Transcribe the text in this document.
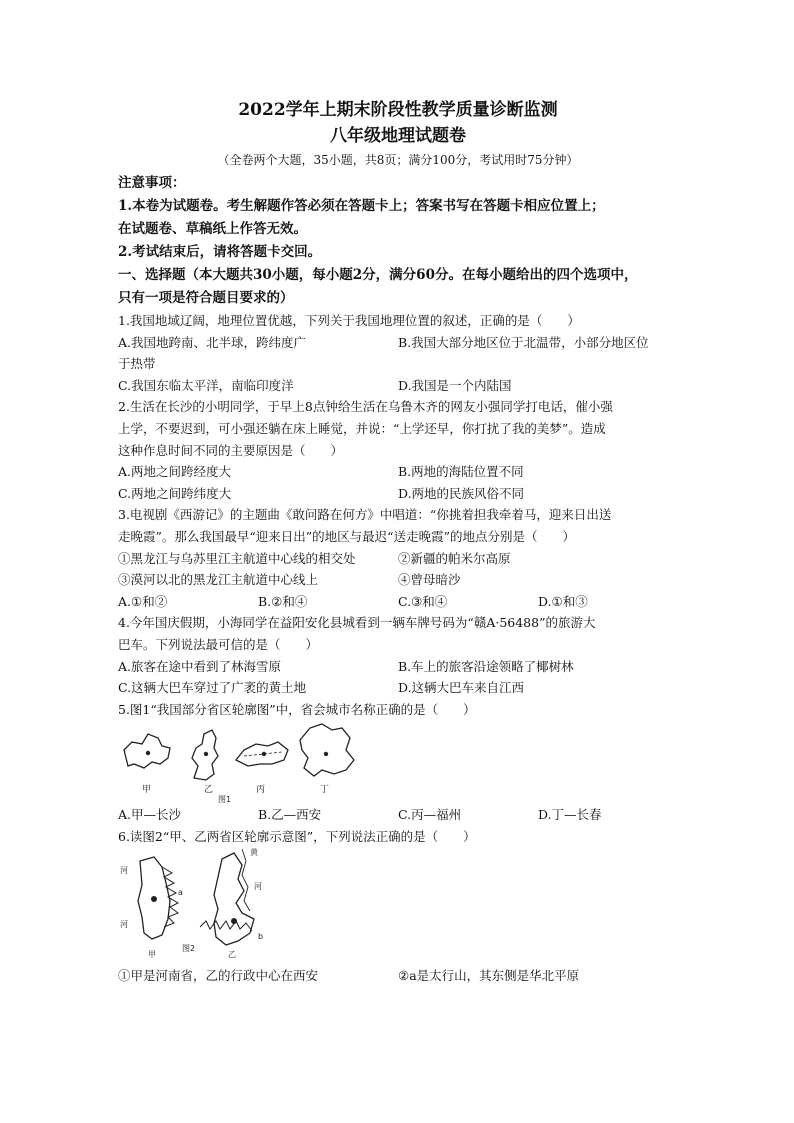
2022学年上期末阶段性教学质量诊断监测

八年级地理试题卷

（全卷两个大题，35小题，共8页；满分100分，考试用时75分钟）

注意事项：

1.本卷为试题卷。考生解题作答必须在答题卡上；答案书写在答题卡相应位置上；

在试题卷、草稿纸上作答无效。

2.考试结束后，请将答题卡交回。

一、选择题（本大题共30小题，每小题2分，满分60分。在每小题给出的四个选项中，

只有一项是符合题目要求的）

1.我国地域辽阔，地理位置优越，下列关于我国地理位置的叙述，正确的是（　　）

A.我国地跨南、北半球，跨纬度广	B.我国大部分地区位于北温带，小部分地区位

于热带

C.我国东临太平洋，南临印度洋	D.我国是一个内陆国

2.生活在长沙的小明同学，于早上8点钟给生活在乌鲁木齐的网友小强同学打电话，催小强

上学，不要迟到，可小强还躺在床上睡觉，并说：“上学还早，你打扰了我的美梦”。造成

这种作息时间不同的主要原因是（　　）

A.两地之间跨经度大	B.两地的海陆位置不同
C.两地之间跨纬度大	D.两地的民族风俗不同

3.电视剧《西游记》的主题曲《敢问路在何方》中唱道：“你挑着担我牵着马，迎来日出送

走晚霞”。那么我国最早“迎来日出”的地区与最迟“送走晚霞”的地点分别是（　　）

①黑龙江与乌苏里江主航道中心线的相交处	②新疆的帕米尔高原
③漠河以北的黑龙江主航道中心线上	④曾母暗沙
A.①和②	B.②和④	C.③和④	D.①和③

4.今年国庆假期，小海同学在益阳安化县城看到一辆车牌号码为“赣A·56488”的旅游大

巴车。下列说法最可信的是（　　）

A.旅客在途中看到了林海雪原	B.车上的旅客沿途领略了椰树林
C.这辆大巴车穿过了广袤的黄土地	D.这辆大巴车来自江西

5.图1“我国部分省区轮廓图”中，省会城市名称正确的是（　　）

甲	乙	丙	丁
图1
A.甲—长沙	B.乙—西安	C.丙—福州	D.丁—长春

6.读图2“甲、乙两省区轮廓示意图”，下列说法正确的是（　　）

a
河
河
甲
黄
河
b
乙
图2
①甲是河南省，乙的行政中心在西安	②a是太行山，其东侧是华北平原
